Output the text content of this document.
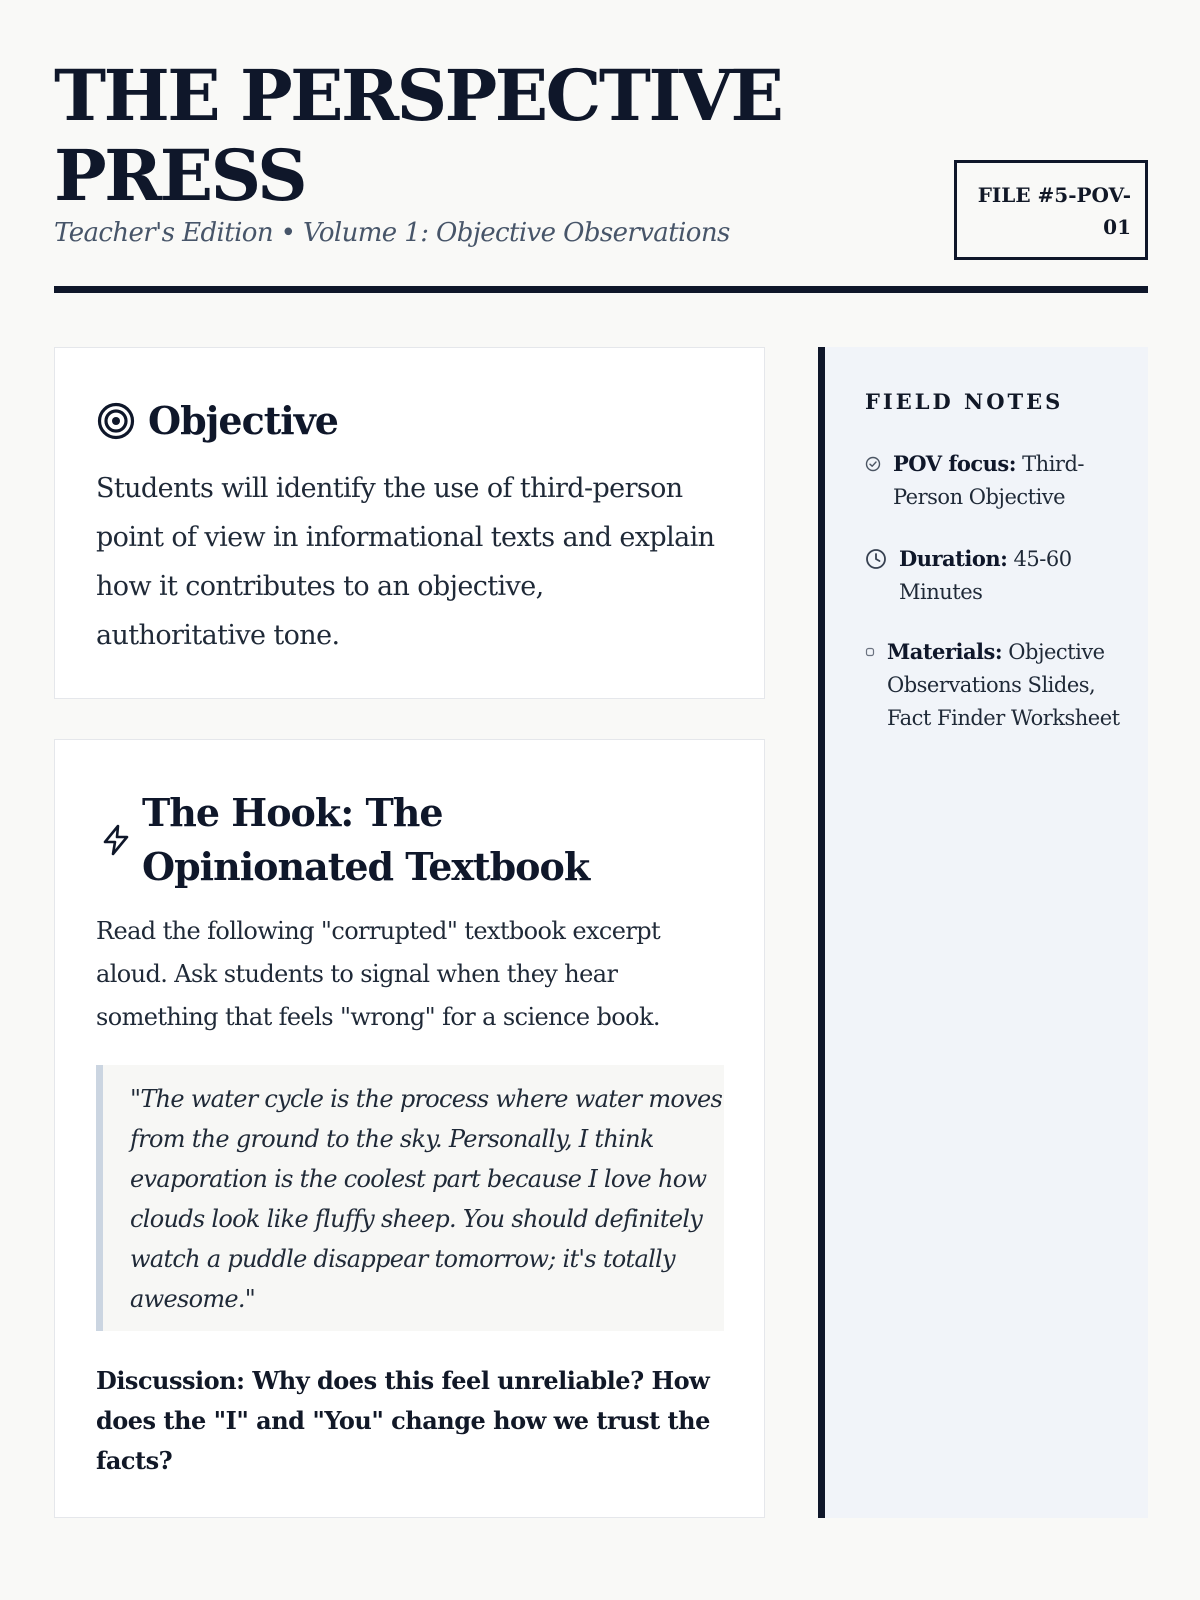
THE PERSPECTIVE PRESS

Teacher's Edition • Volume 1: Objective Observations

FILE #5-POV-01
Objective

Students will identify the use of third-person point of view in informational texts and explain how it contributes to an objective, authoritative tone.

The Hook: The Opinionated Textbook

Read the following "corrupted" textbook excerpt aloud. Ask students to signal when they hear something that feels "wrong" for a science book.

"The water cycle is the process where water moves from the ground to the sky. Personally, I think evaporation is the coolest part because I love how clouds look like fluffy sheep. You should definitely watch a puddle disappear tomorrow; it's totally awesome."

Discussion: Why does this feel unreliable? How does the "I" and "You" change how we trust the facts?

FIELD NOTES
POV focus: Third-Person Objective
Duration: 45-60 Minutes
Materials: Objective Observations Slides, Fact Finder Worksheet
